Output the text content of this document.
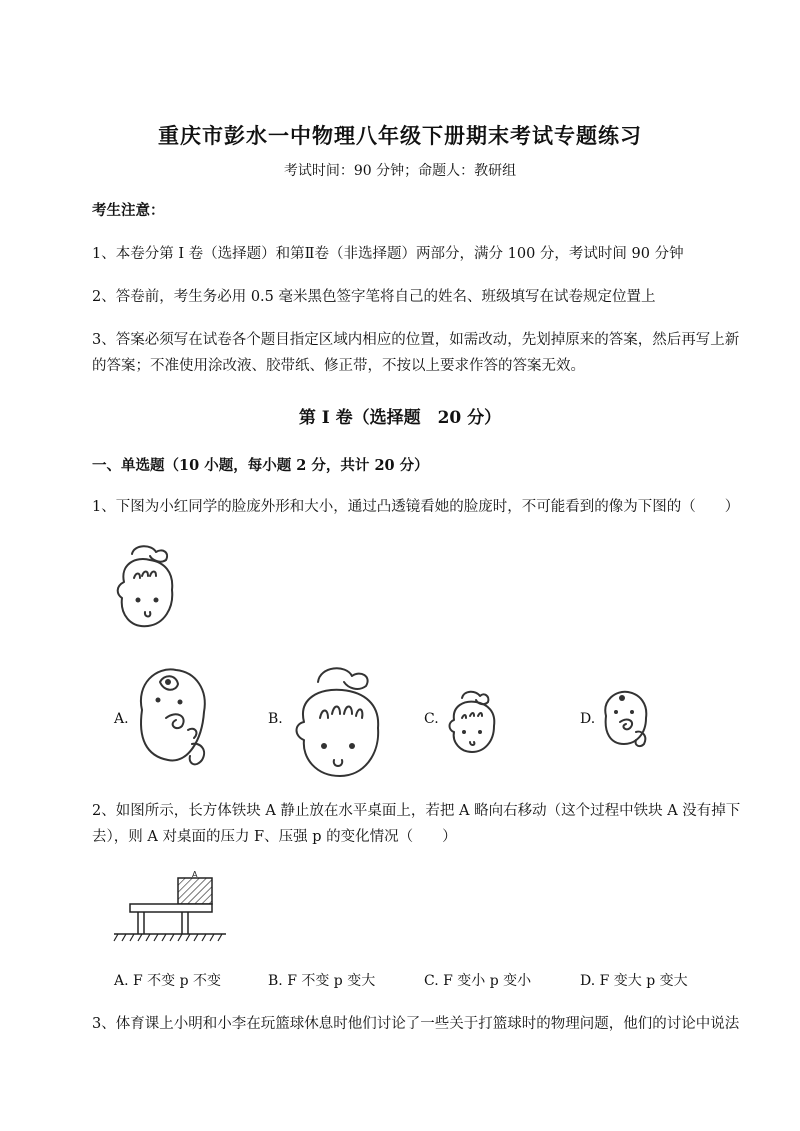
重庆市彭水一中物理八年级下册期末考试专题练习
考试时间：90 分钟；命题人：教研组
考生注意：
1、本卷分第 I 卷（选择题）和第Ⅱ卷（非选择题）两部分，满分 100 分，考试时间 90 分钟
2、答卷前，考生务必用 0.5 毫米黑色签字笔将自己的姓名、班级填写在试卷规定位置上
3、答案必须写在试卷各个题目指定区域内相应的位置，如需改动，先划掉原来的答案，然后再写上新的答案；不准使用涂改液、胶带纸、修正带，不按以上要求作答的答案无效。
第 I 卷（选择题　20 分）
一、单选题（10 小题，每小题 2 分，共计 20 分）
1、下图为小红同学的脸庞外形和大小，通过凸透镜看她的脸庞时，不可能看到的像为下图的（　　）
A.	B.	C.	D.
2、如图所示，长方体铁块 A 静止放在水平桌面上，若把 A 略向右移动（这个过程中铁块 A 没有掉下去），则 A 对桌面的压力 F、压强 p 的变化情况（　　）
A
A. F 不变 p 不变	B. F 不变 p 变大	C. F 变小 p 变小	D. F 变大 p 变大
3、体育课上小明和小李在玩篮球休息时他们讨论了一些关于打篮球时的物理问题，他们的讨论中说法
